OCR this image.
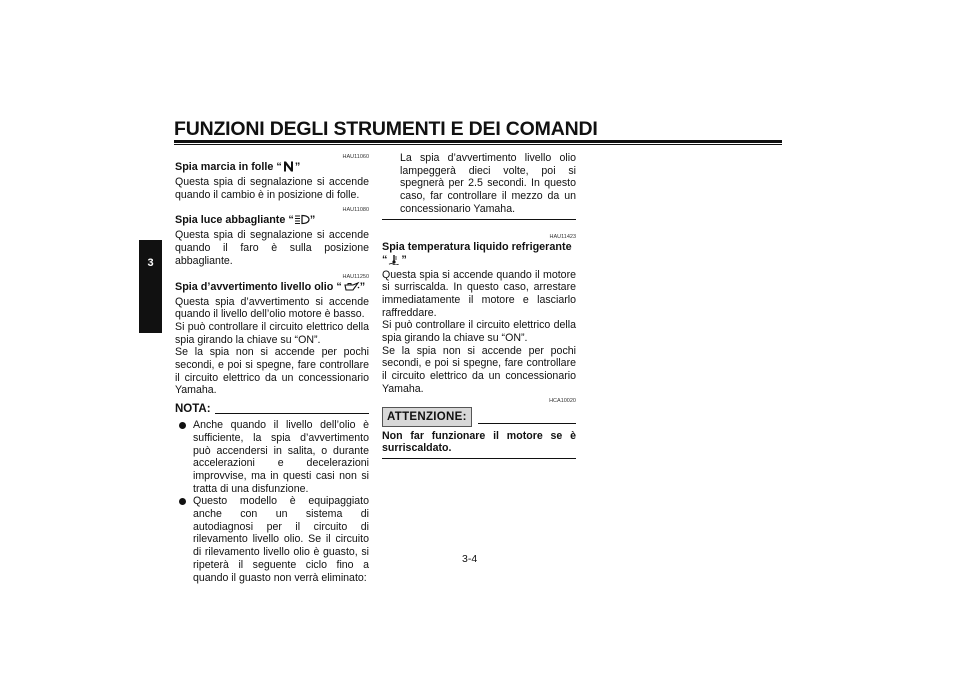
FUNZIONI DEGLI STRUMENTI E DEI COMANDI
3
HAU11060
Spia marcia in folle “ ”

Questa spia di segnalazione si accende quando il cambio è in posizione di folle.

HAU11080
Spia luce abbagliante “ ”

Questa spia di segnalazione si accende quando il faro è sulla posizione abbagliante.

HAU11250
Spia d’avvertimento livello olio “ ”

Questa spia d’avvertimento si accende quando il livello dell’olio motore è basso.

Si può controllare il circuito elettrico della spia girando la chiave su “ON”.

Se la spia non si accende per pochi secondi, e poi si spegne, fare controllare il circuito elettrico da un concessionario Yamaha.

NOTA:
Anche quando il livello dell’olio è sufficiente, la spia d’avvertimento può accendersi in salita, o durante accelerazioni e decelerazioni improvvise, ma in questi casi non si tratta di una disfunzione.
Questo modello è equipaggiato anche con un sistema di autodiagnosi per il circuito di rilevamento livello olio. Se il circuito di rilevamento livello olio è guasto, si ripeterà il seguente ciclo fino a quando il guasto non verrà eliminato:

La spia d’avvertimento livello olio lampeggerà dieci volte, poi si spegnerà per 2.5 secondi. In questo caso, far controllare il mezzo da un concessionario Yamaha.

HAU11423
Spia temperatura liquido refrigerante
“ ”

Questa spia si accende quando il motore si surriscalda. In questo caso, arrestare immediatamente il motore e lasciarlo raffreddare.

Si può controllare il circuito elettrico della spia girando la chiave su “ON”.

Se la spia non si accende per pochi secondi, e poi si spegne, fare controllare il circuito elettrico da un concessionario Yamaha.

HCA10020
ATTENZIONE:

Non far funzionare il motore se è surriscaldato.

3-4
